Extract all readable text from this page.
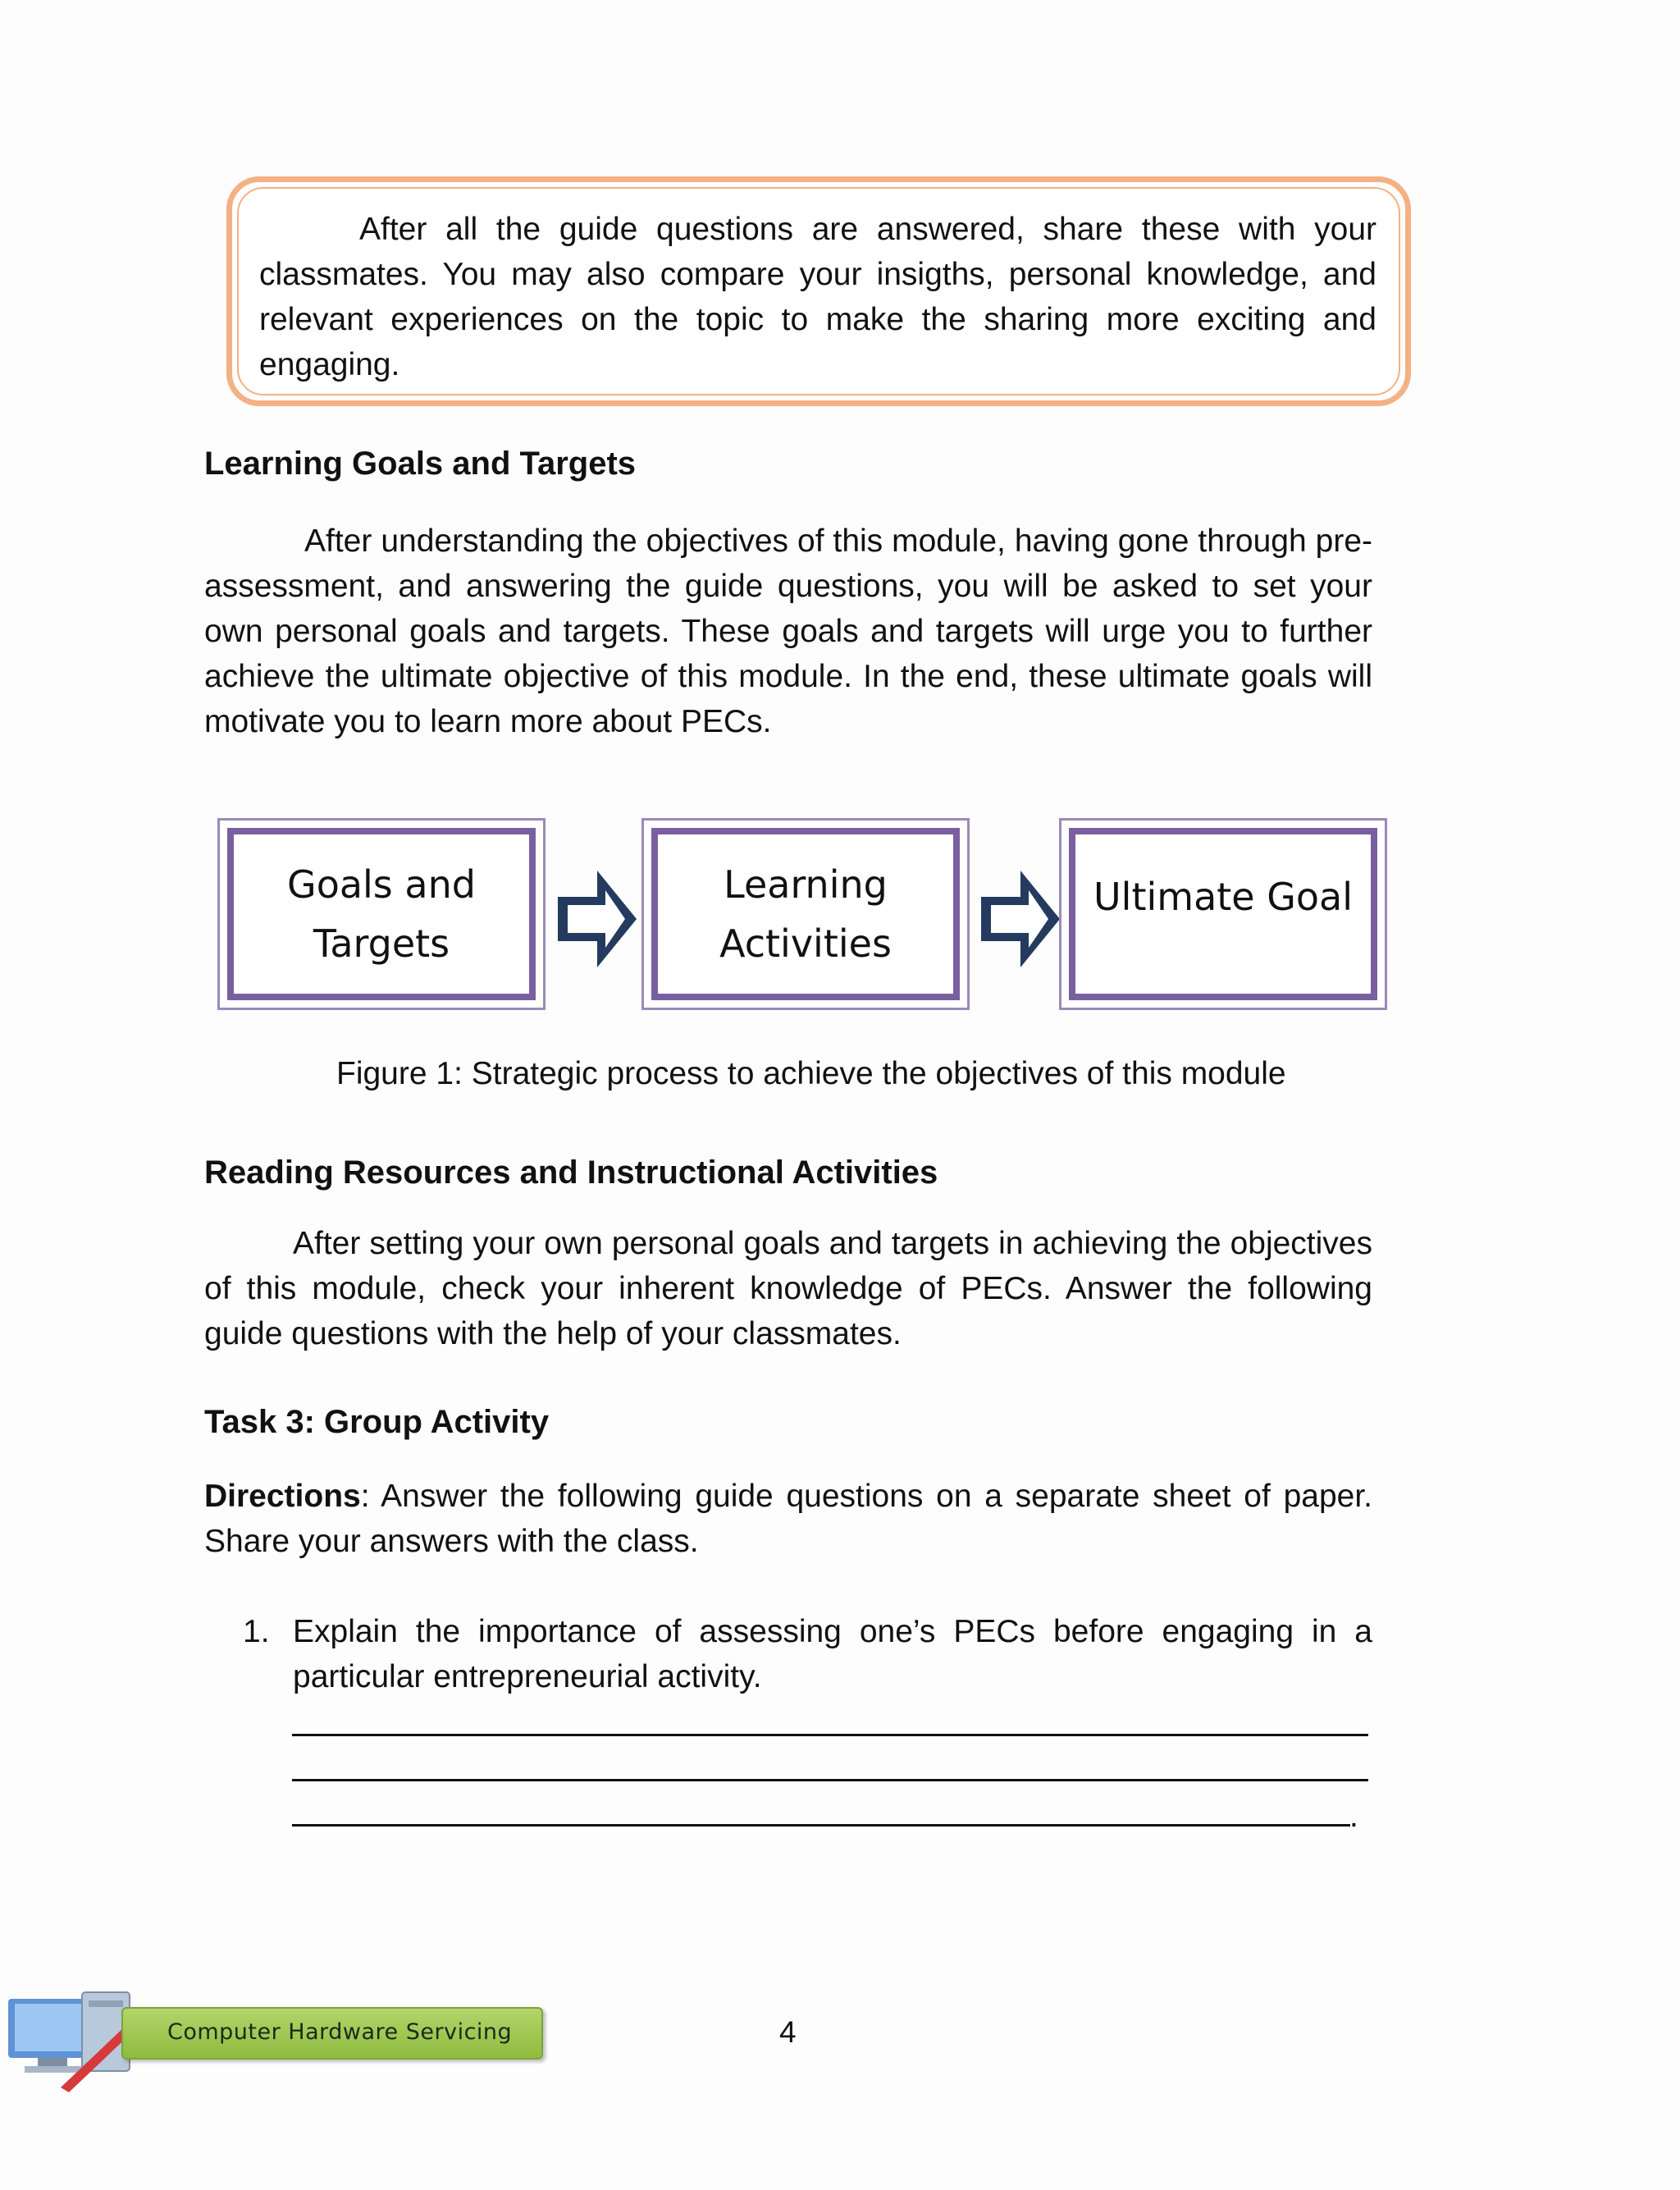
After all the guide questions are answered, share these with your classmates. You may also compare your insigths, personal knowledge, and relevant experiences on the topic to make the sharing more exciting and engaging.

Learning Goals and Targets

After understanding the objectives of this module, having gone through pre-assessment, and answering the guide questions, you will be asked to set your own personal goals and targets. These goals and targets will urge you to further achieve the ultimate objective of this module. In the end, these ultimate goals will motivate you to learn more about PECs.

Goals and
Targets
Learning
Activities
Ultimate Goal

Figure 1: Strategic process to achieve the objectives of this module

Reading Resources and Instructional Activities

After setting your own personal goals and targets in achieving the objectives of this module, check your inherent knowledge of PECs. Answer the following guide questions with the help of your classmates.

Task 3: Group Activity

Directions: Answer the following guide questions on a separate sheet of paper. Share your answers with the class.

1. Explain the importance of assessing one’s PECs before engaging in a particular entrepreneurial activity.

.
Computer Hardware Servicing	4
